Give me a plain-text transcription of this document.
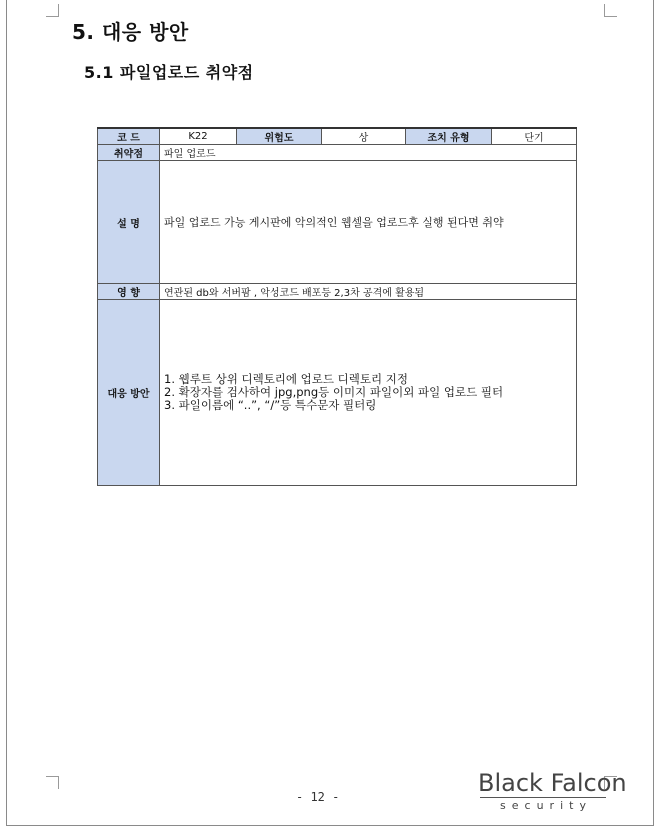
5. 대응 방안
5.1 파일업로드 취약점
코 드	K22	위험도	상	조치 유형	단기
취약점	파일 업로드				
설 명	파일 업로드 가능 게시판에 악의적인 웹셀을 업로드후 실행 된다면 취약				
영 향	연관된 db와 서버팜 , 악성코드 배포등 2,3차 공격에 활용됨				
대응 방안	1. 웹루트 상위 디렉토리에 업로드 디렉토리 지정
2. 확장자를 검사하여 jpg,png등 이미지 파일이외 파일 업로드 필터
3. 파일이름에 “..”, “/”등 특수문자 필터링				
- 12 -	Black Falcon
security
